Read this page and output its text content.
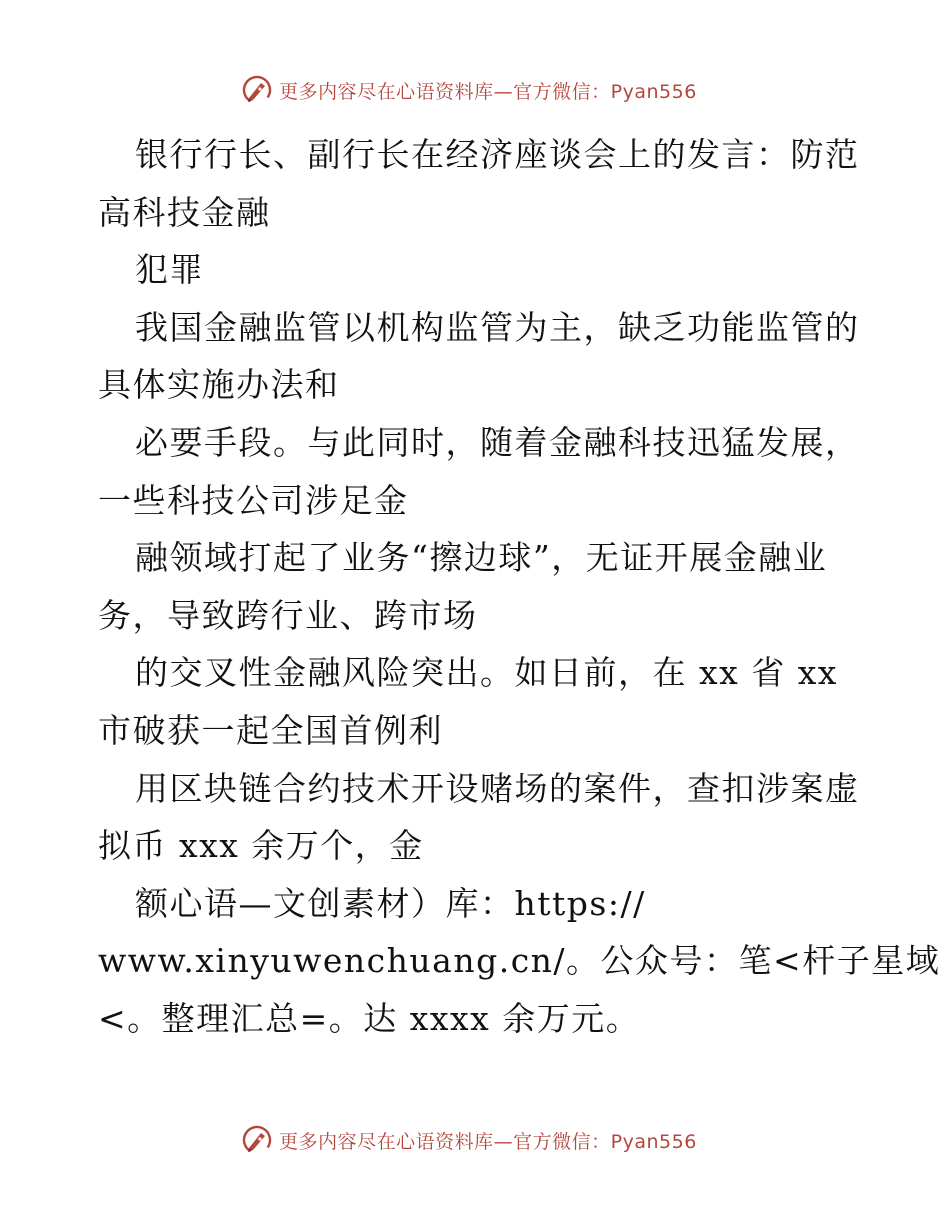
更多内容尽在心语资料库—官方微信：Pyan556
银行行长、副行长在经济座谈会上的发言：防范
高科技金融
犯罪
我国金融监管以机构监管为主，缺乏功能监管的
具体实施办法和
必要手段。与此同时，随着金融科技迅猛发展，
一些科技公司涉足金
融领域打起了业务“擦边球”，无证开展金融业
务，导致跨行业、跨市场
的交叉性金融风险突出。如日前，在 xx 省 xx
市破获一起全国首例利
用区块链合约技术开设赌场的案件，查扣涉案虚
拟币 xxx 余万个，金
额心语—文创素材）库：https://
www.xinyuwenchuang.cn/。公众号：笔<杆子星域
<。整理汇总=。达 xxxx 余万元。
更多内容尽在心语资料库—官方微信：Pyan556
